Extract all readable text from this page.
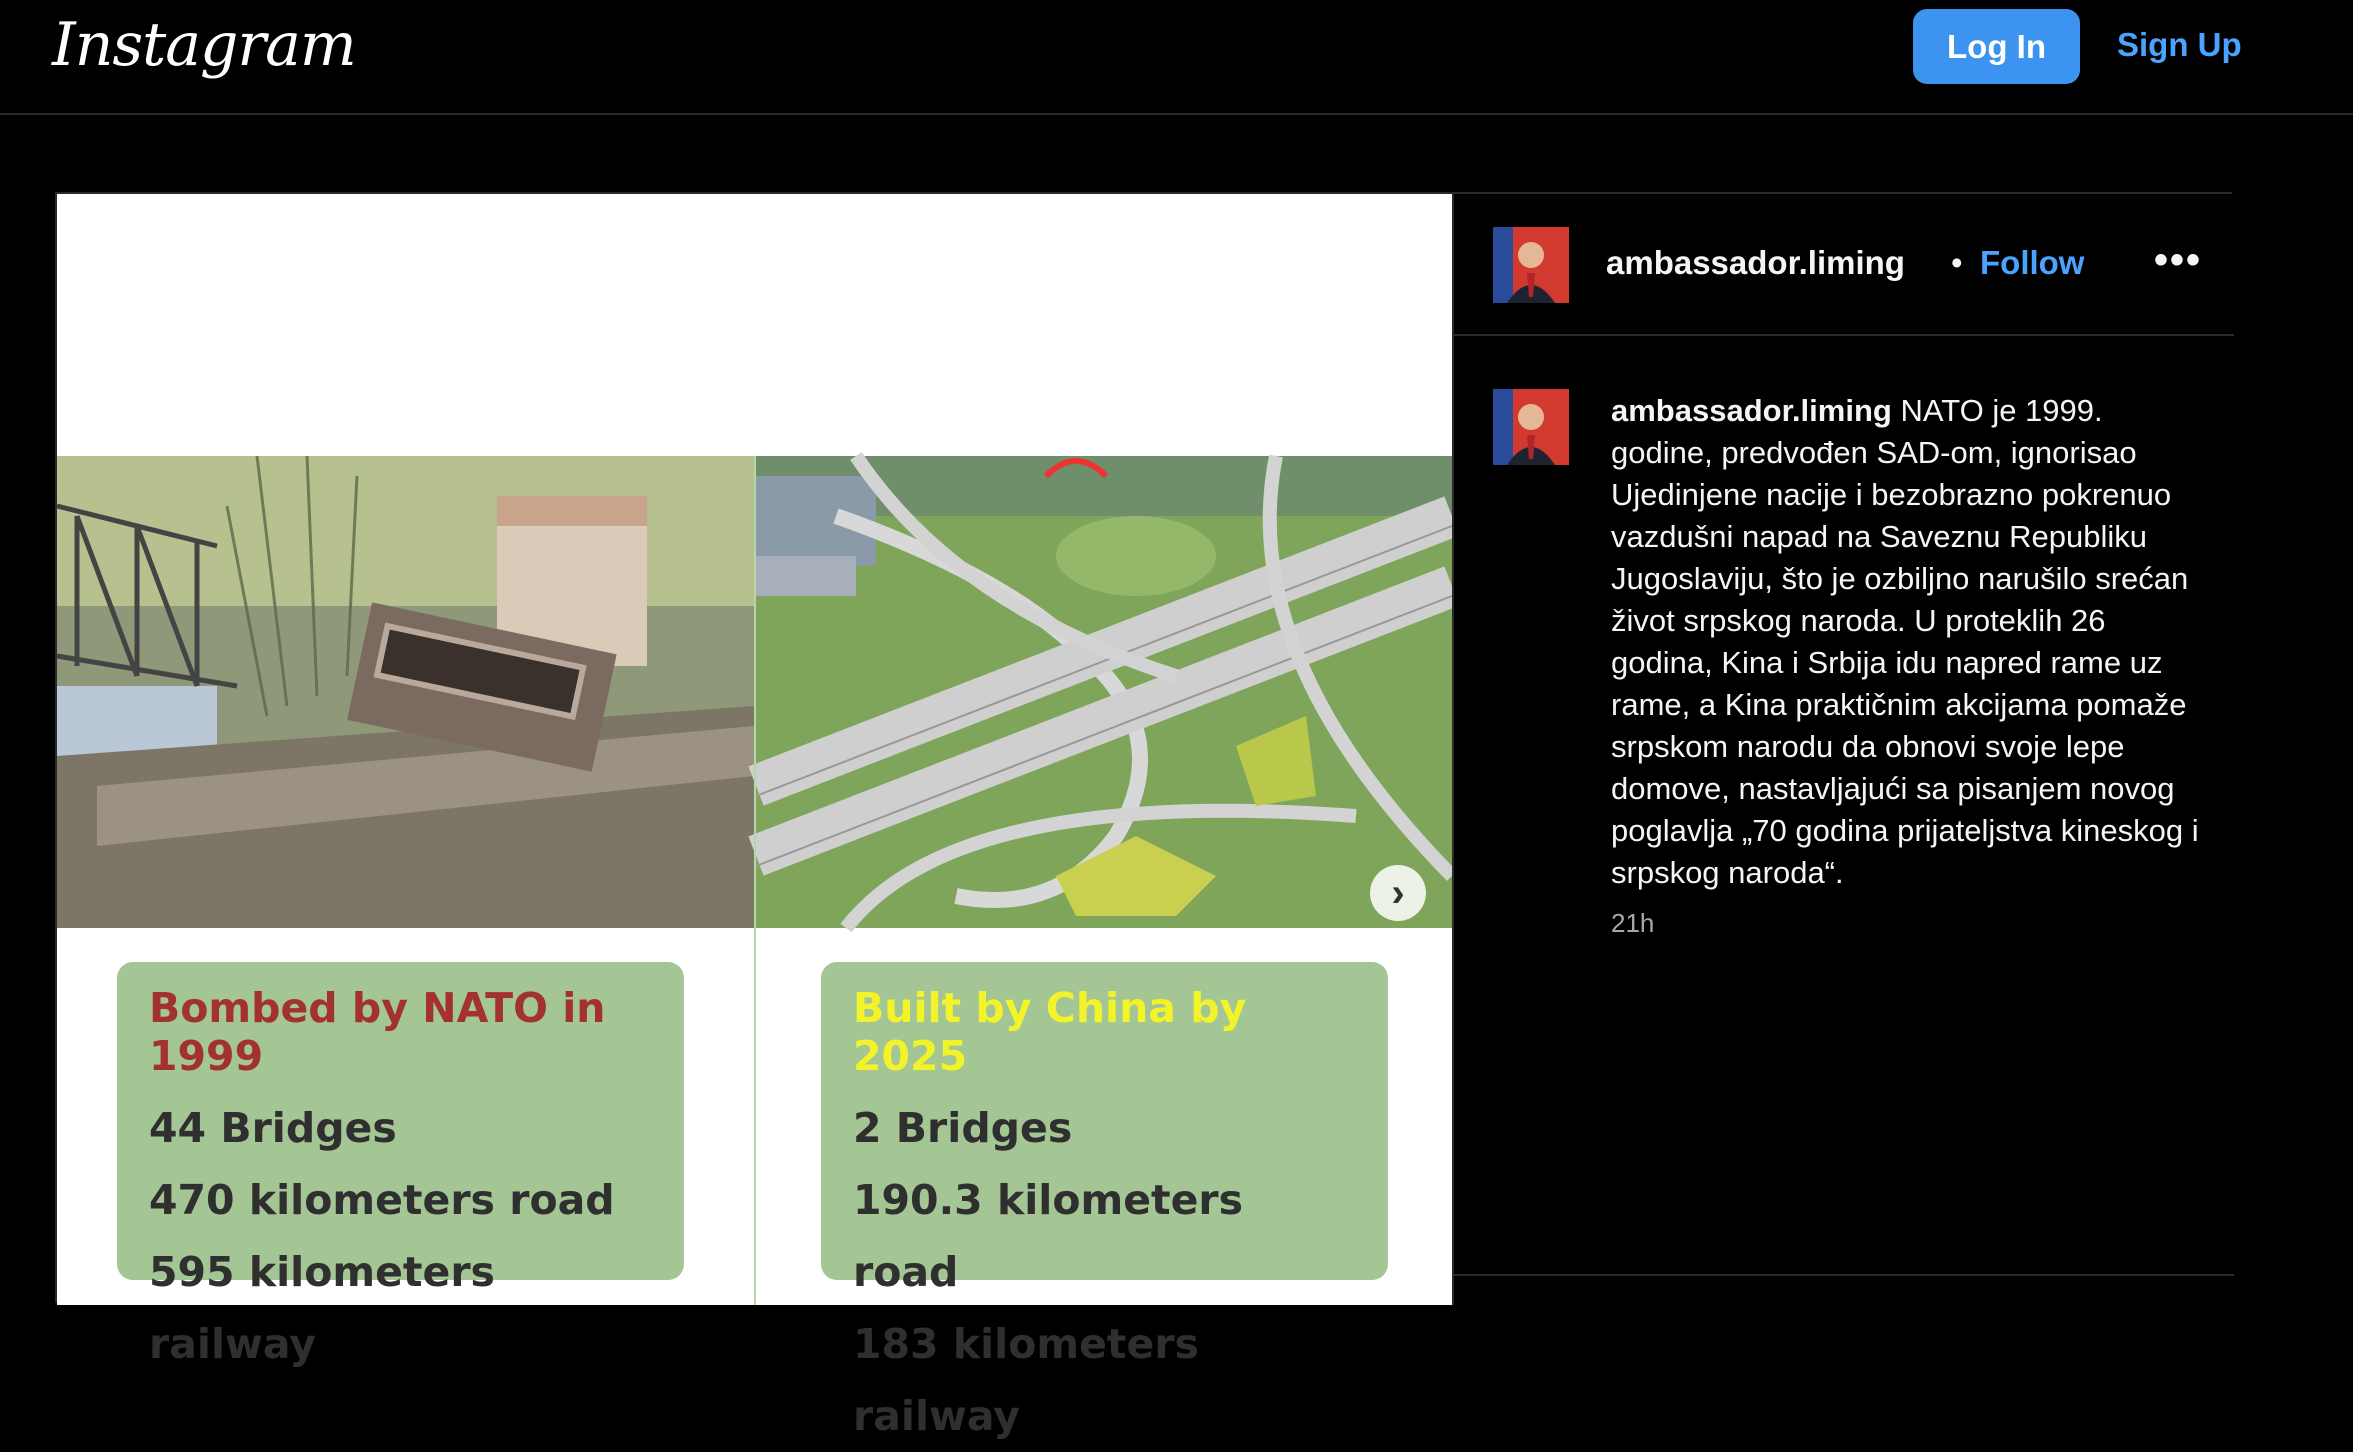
Instagram	Log In	Sign Up
Bombed by NATO in 1999
44 Bridges
470 kilometers road
595 kilometers railway
Built by China by 2025
2 Bridges
190.3 kilometers road
183 kilometers railway
›
ambassador.liming • Follow •••
ambassador.liming NATO je 1999. godine, predvođen SAD-om, ignorisao Ujedinjene nacije i bezobrazno pokrenuo vazdušni napad na Saveznu Republiku Jugoslaviju, što je ozbiljno narušilo srećan život srpskog naroda. U proteklih 26 godina, Kina i Srbija idu napred rame uz rame, a Kina praktičnim akcijama pomaže srpskom narodu da obnovi svoje lepe domove, nastavljajući sa pisanjem novog poglavlja „70 godina prijateljstva kineskog i srpskog naroda“.
21h
